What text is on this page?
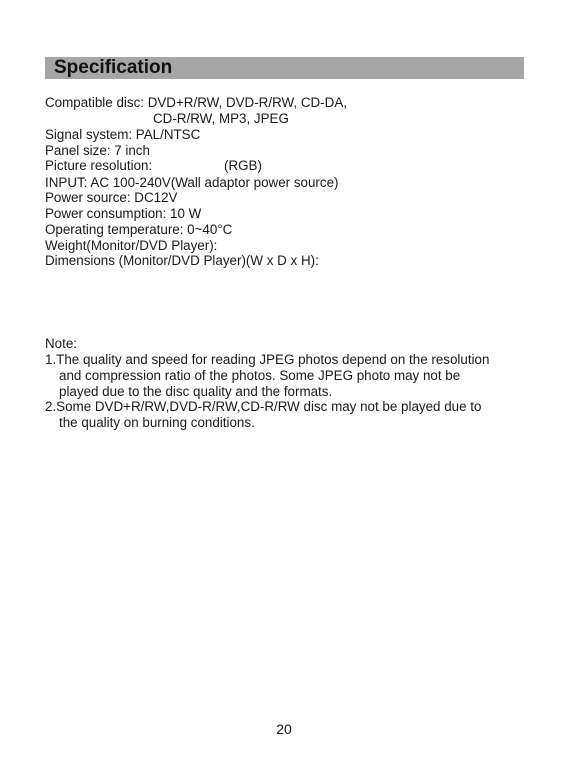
Specification
Compatible disc: DVD+R/RW, DVD-R/RW, CD-DA,
CD-R/RW, MP3, JPEG
Signal system: PAL/NTSC
Panel size: 7 inch
Picture resolution:	(RGB)
INPUT: AC 100-240V(Wall adaptor power source)
Power source: DC12V
Power consumption: 10 W
Operating temperature: 0~40°C
Weight(Monitor/DVD Player):
Dimensions (Monitor/DVD Player)(W x D x H):
Note:
1.The quality and speed for reading JPEG photos depend on the resolution
and compression ratio of the photos. Some JPEG photo may not be
played due to the disc quality and the formats.
2.Some DVD+R/RW,DVD-R/RW,CD-R/RW disc may not be played due to
the quality on burning conditions.
20
